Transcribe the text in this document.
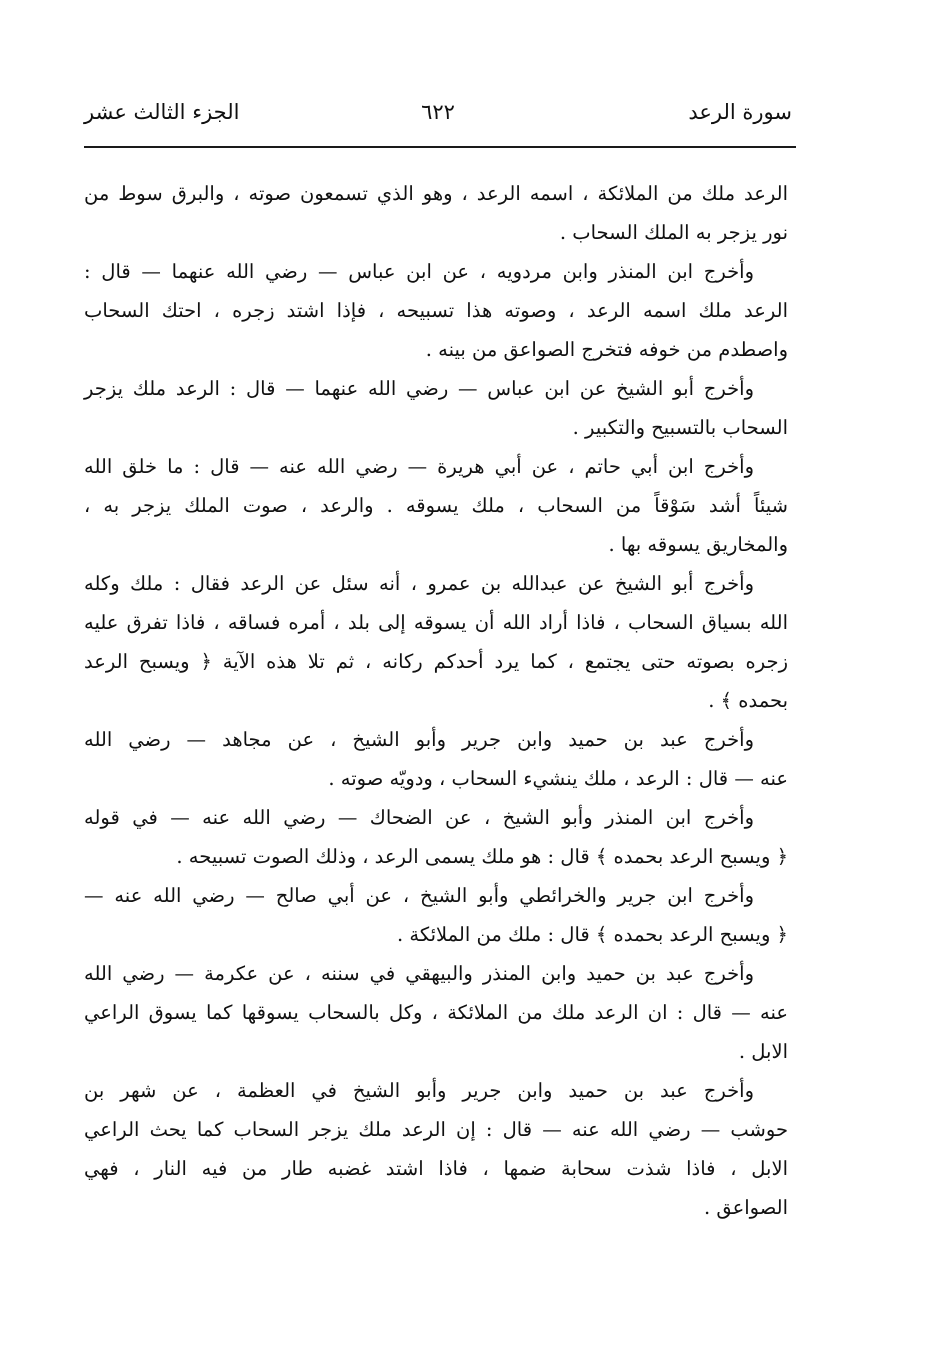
الجزء الثالث عشر	٦٢٢	سورة الرعد
الرعد ملك من الملائكة ، اسمه الرعد ، وهو الذي تسمعون صوته ، والبرق سوط من
نور يزجر به الملك السحاب .
وأخرج ابن المنذر وابن مردويه ، عن ابن عباس — رضي الله عنهما — قال :
الرعد ملك اسمه الرعد ، وصوته هذا تسبيحه ، فإذا اشتد زجره ، احتك السحاب
واصطدم من خوفه فتخرج الصواعق من بينه .
وأخرج أبو الشيخ عن ابن عباس — رضي الله عنهما — قال : الرعد ملك يزجر
السحاب بالتسبيح والتكبير .
وأخرج ابن أبي حاتم ، عن أبي هريرة — رضي الله عنه — قال : ما خلق الله
شيئاً أشد سَوْقاً من السحاب ، ملك يسوقه . والرعد ، صوت الملك يزجر به ،
والمخاريق يسوقه بها .
وأخرج أبو الشيخ عن عبدالله بن عمرو ، أنه سئل عن الرعد فقال : ملك وكله
الله بسياق السحاب ، فاذا أراد الله أن يسوقه إلى بلد ، أمره فساقه ، فاذا تفرق عليه
زجره بصوته حتى يجتمع ، كما يرد أحدكم ركانه ، ثم تلا هذه الآية ﴿ ويسبح الرعد
بحمده ﴾ .
وأخرج عبد بن حميد وابن جرير وأبو الشيخ ، عن مجاهد — رضي الله
عنه — قال : الرعد ، ملك ينشيء السحاب ، ودويّه صوته .
وأخرج ابن المنذر وأبو الشيخ ، عن الضحاك — رضي الله عنه — في قوله
﴿ ويسبح الرعد بحمده ﴾ قال : هو ملك يسمى الرعد ، وذلك الصوت تسبيحه .
وأخرج ابن جرير والخرائطي وأبو الشيخ ، عن أبي صالح — رضي الله عنه —
﴿ ويسبح الرعد بحمده ﴾ قال : ملك من الملائكة .
وأخرج عبد بن حميد وابن المنذر والبيهقي في سننه ، عن عكرمة — رضي الله
عنه — قال : ان الرعد ملك من الملائكة ، وكل بالسحاب يسوقها كما يسوق الراعي
الابل .
وأخرج عبد بن حميد وابن جرير وأبو الشيخ في العظمة ، عن شهر بن
حوشب — رضي الله عنه — قال : إن الرعد ملك يزجر السحاب كما يحث الراعي
الابل ، فاذا شذت سحابة ضمها ، فاذا اشتد غضبه طار من فيه النار ، فهي
الصواعق .
